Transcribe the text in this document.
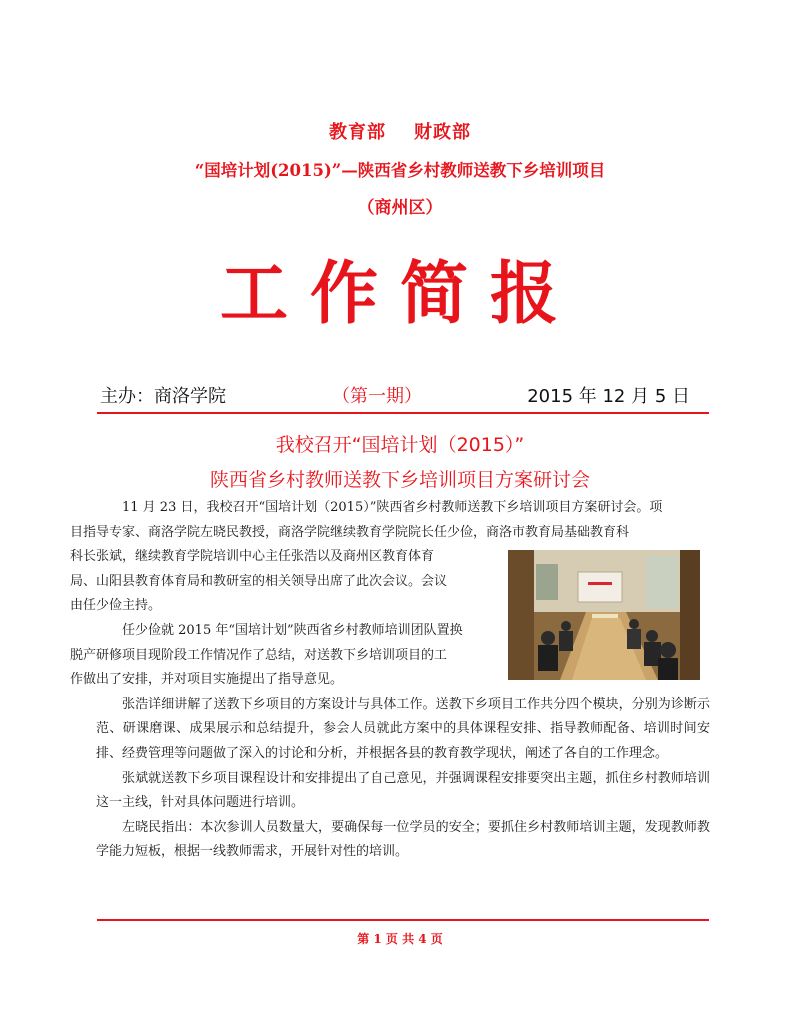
教育部 财政部
“国培计划(2015)”—陕西省乡村教师送教下乡培训项目
（商州区）
工作简报
主办：商洛学院	（第一期）	2015 年 12 月 5 日
我校召开“国培计划（2015）”
陕西省乡村教师送教下乡培训项目方案研讨会

11 月 23 日，我校召开“国培计划（2015）”陕西省乡村教师送教下乡培训项目方案研讨会。项
目指导专家、商洛学院左晓民教授，商洛学院继续教育学院院长任少俭，商洛市教育局基础教育科
科长张斌，继续教育学院培训中心主任张浩以及商州区教育体育
局、山阳县教育体育局和教研室的相关领导出席了此次会议。会议
由任少俭主持。

任少俭就 2015 年“国培计划”陕西省乡村教师培训团队置换
脱产研修项目现阶段工作情况作了总结，对送教下乡培训项目的工
作做出了安排，并对项目实施提出了指导意见。

张浩详细讲解了送教下乡项目的方案设计与具体工作。送教下乡项目工作共分四个模块，分别为诊断示范、研课磨课、成果展示和总结提升，参会人员就此方案中的具体课程安排、指导教师配备、培训时间安排、经费管理等问题做了深入的讨论和分析，并根据各县的教育教学现状，阐述了各自的工作理念。

张斌就送教下乡项目课程设计和安排提出了自己意见，并强调课程安排要突出主题，抓住乡村教师培训这一主线，针对具体问题进行培训。

左晓民指出：本次参训人员数量大，要确保每一位学员的安全；要抓住乡村教师培训主题，发现教师教学能力短板，根据一线教师需求，开展针对性的培训。

第 1 页 共 4 页
